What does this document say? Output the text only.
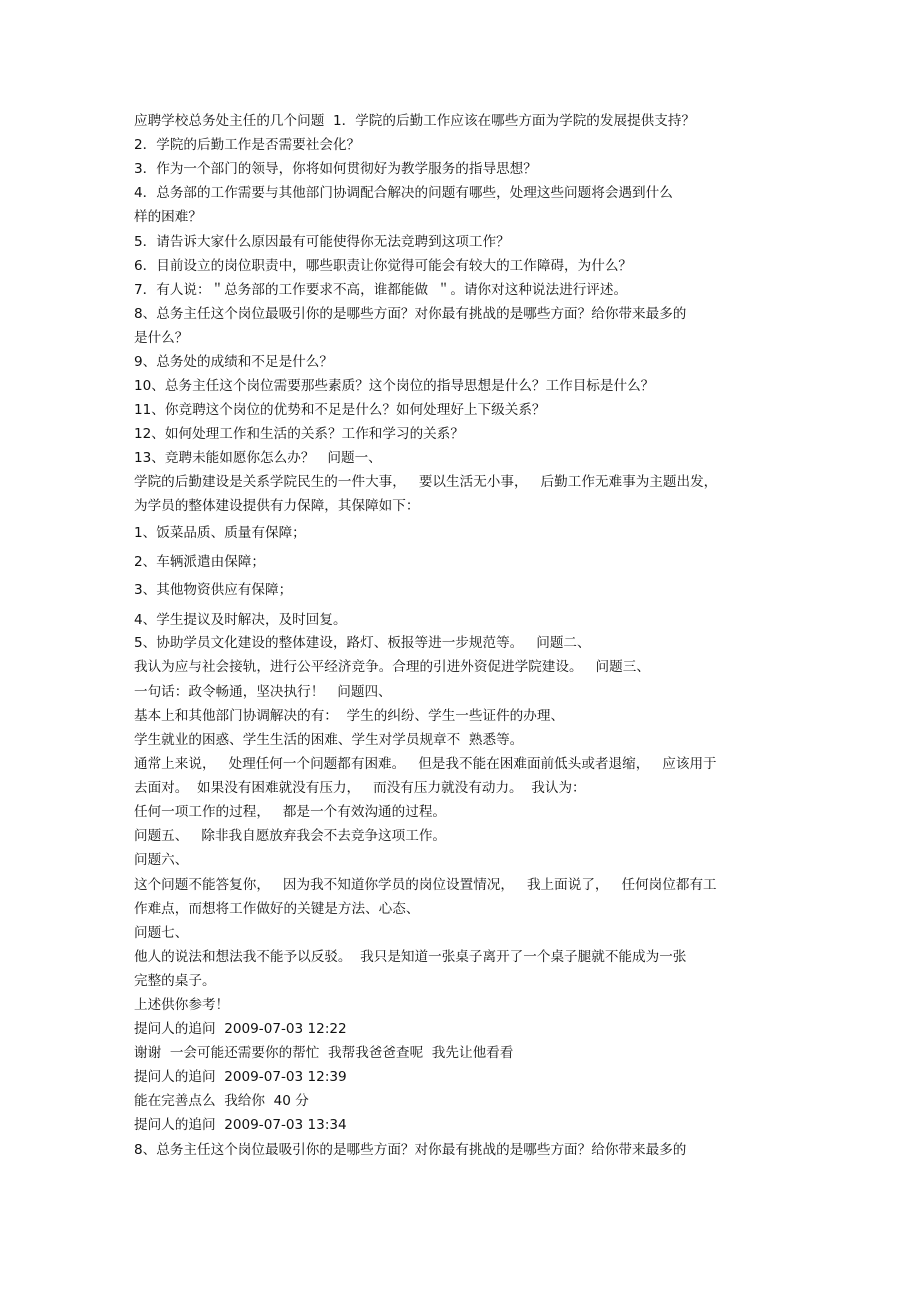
应聘学校总务处主任的几个问题  1．学院的后勤工作应该在哪些方面为学院的发展提供支持？
2．学院的后勤工作是否需要社会化？
3．作为一个部门的领导，你将如何贯彻好为教学服务的指导思想？
4．总务部的工作需要与其他部门协调配合解决的问题有哪些，处理这些问题将会遇到什么
样的困难？
5．请告诉大家什么原因最有可能使得你无法竞聘到这项工作？
6．目前设立的岗位职责中，哪些职责让你觉得可能会有较大的工作障碍，为什么？
7．有人说：＂总务部的工作要求不高，谁都能做  ＂。请你对这种说法进行评述。
8、总务主任这个岗位最吸引你的是哪些方面？对你最有挑战的是哪些方面？给你带来最多的
是什么？
9、总务处的成绩和不足是什么？
10、总务主任这个岗位需要那些素质？这个岗位的指导思想是什么？工作目标是什么？
11、你竞聘这个岗位的优势和不足是什么？如何处理好上下级关系？
12、如何处理工作和生活的关系？工作和学习的关系？
13、竞聘未能如愿你怎么办？   问题一、
学院的后勤建设是关系学院民生的一件大事，   要以生活无小事，   后勤工作无难事为主题出发，
为学员的整体建设提供有力保障，其保障如下：
1、饭菜品质、质量有保障；
2、车辆派遣由保障；
3、其他物资供应有保障；
4、学生提议及时解决，及时回复。
5、协助学员文化建设的整体建设，路灯、板报等进一步规范等。   问题二、
我认为应与社会接轨，进行公平经济竞争。合理的引进外资促进学院建设。   问题三、
一句话：政令畅通，坚决执行！   问题四、
基本上和其他部门协调解决的有：  学生的纠纷、学生一些证件的办理、
学生就业的困惑、学生生活的困难、学生对学员规章不  熟悉等。
通常上来说，   处理任何一个问题都有困难。   但是我不能在困难面前低头或者退缩，   应该用于
去面对。  如果没有困难就没有压力，   而没有压力就没有动力。  我认为：
任何一项工作的过程，   都是一个有效沟通的过程。
问题五、   除非我自愿放弃我会不去竞争这项工作。
问题六、
这个问题不能答复你，   因为我不知道你学员的岗位设置情况，   我上面说了，   任何岗位都有工
作难点，而想将工作做好的关键是方法、心态、
问题七、
他人的说法和想法我不能予以反驳。  我只是知道一张桌子离开了一个桌子腿就不能成为一张
完整的桌子。
上述供你参考！
提问人的追问  2009-07-03 12:22
谢谢  一会可能还需要你的帮忙  我帮我爸爸查呢  我先让他看看
提问人的追问  2009-07-03 12:39
能在完善点么  我给你  40 分
提问人的追问  2009-07-03 13:34
8、总务主任这个岗位最吸引你的是哪些方面？对你最有挑战的是哪些方面？给你带来最多的
